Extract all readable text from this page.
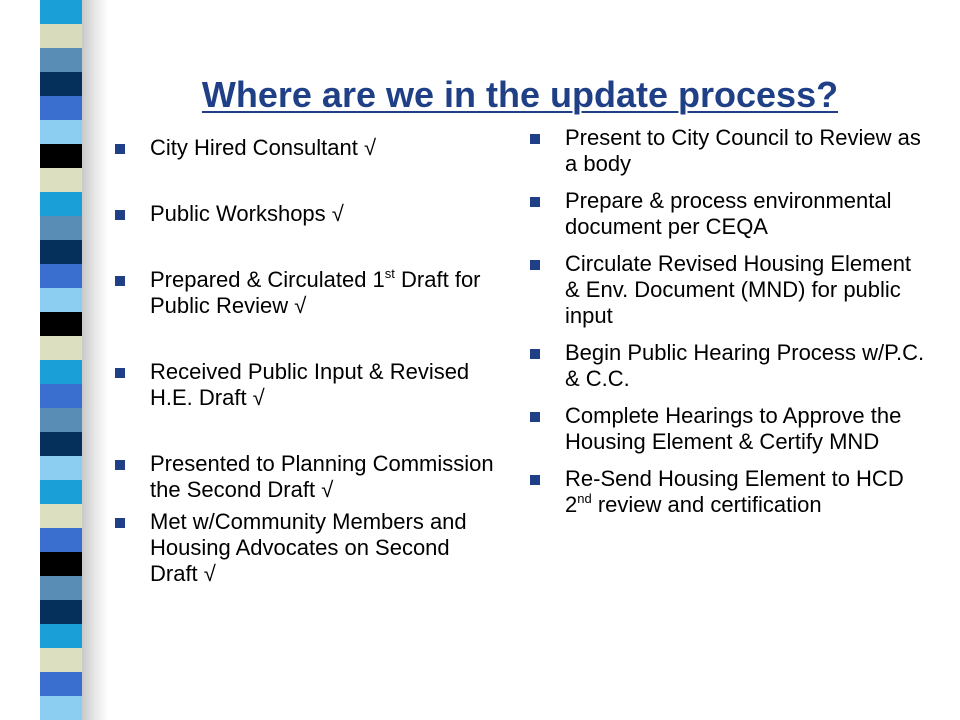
Where are we in the update process?
City Hired Consultant √
Public Workshops √
Prepared & Circulated 1st Draft for Public Review √
Received Public Input & Revised H.E. Draft √
Presented to Planning Commission the Second Draft √
Met w/Community Members and Housing Advocates on Second Draft √
Present to City Council to Review as a body
Prepare & process environmental document per CEQA
Circulate Revised Housing Element & Env. Document (MND) for public input
Begin Public Hearing Process w/P.C. & C.C.
Complete Hearings to Approve the Housing Element & Certify MND
Re-Send Housing Element to HCD 2nd review and certification
